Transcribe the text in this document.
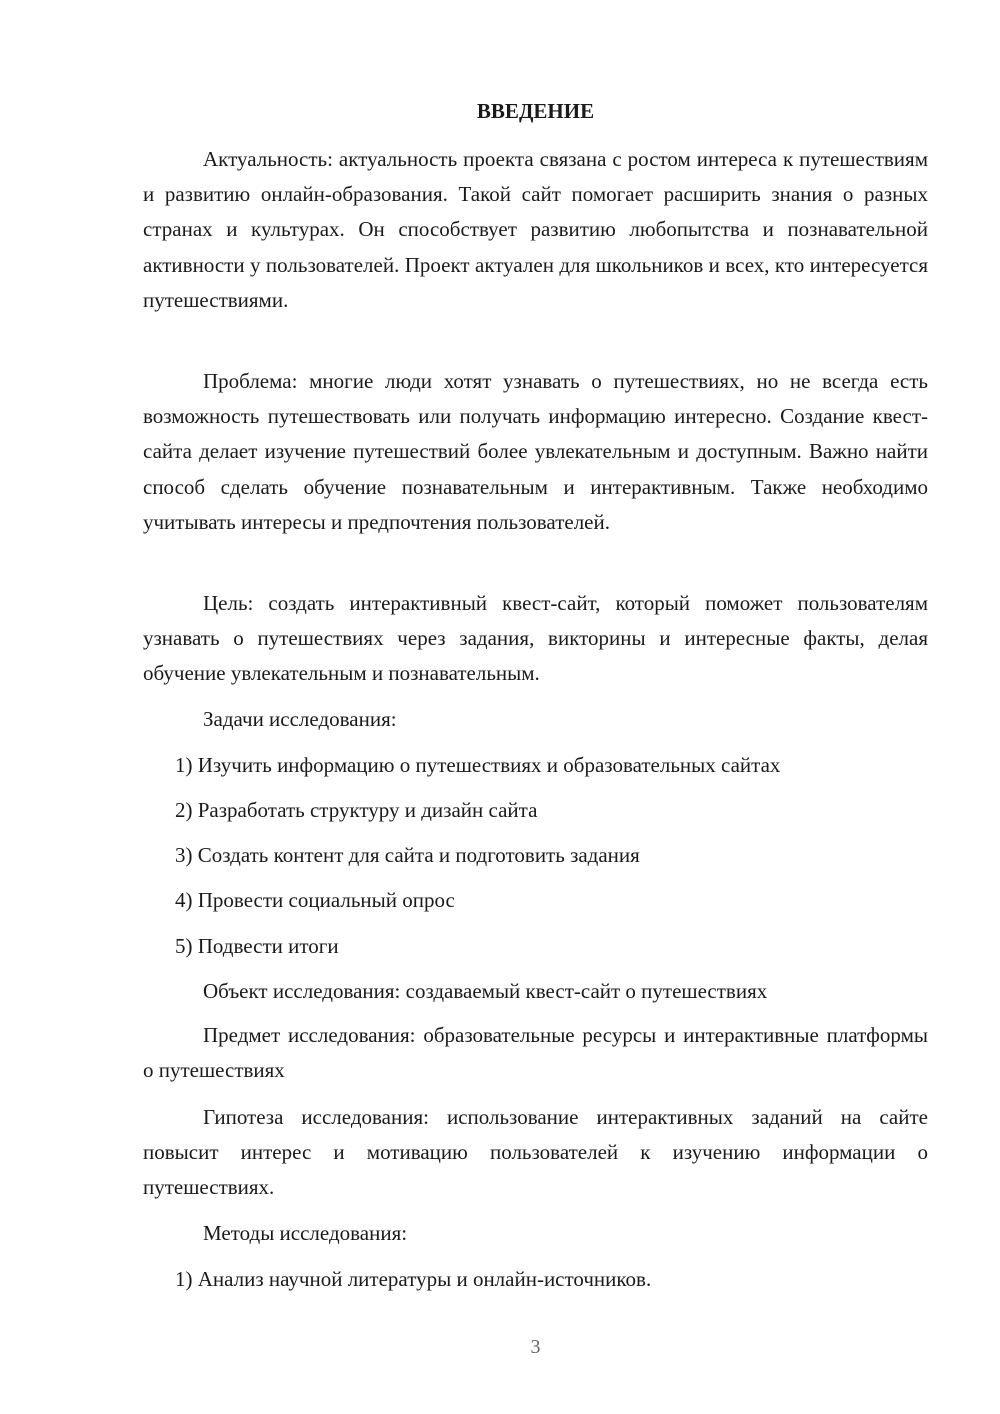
ВВЕДЕНИЕ

Актуальность: актуальность проекта связана с ростом интереса к путешествиям и развитию онлайн-образования. Такой сайт помогает расширить знания о разных странах и культурах. Он способствует развитию любопытства и познавательной активности у пользователей. Проект актуален для школьников и всех, кто интересуется путешествиями.

Проблема: многие люди хотят узнавать о путешествиях, но не всегда есть возможность путешествовать или получать информацию интересно. Создание квест-сайта делает изучение путешествий более увлекательным и доступным. Важно найти способ сделать обучение познавательным и интерактивным. Также необходимо учитывать интересы и предпочтения пользователей.

Цель: создать интерактивный квест-сайт, который поможет пользователям узнавать о путешествиях через задания, викторины и интересные факты, делая обучение увлекательным и познавательным.

Задачи исследования:

1) Изучить информацию о путешествиях и образовательных сайтах

2) Разработать структуру и дизайн сайта

3) Создать контент для сайта и подготовить задания

4) Провести социальный опрос

5) Подвести итоги

Объект исследования: создаваемый квест-сайт о путешествиях

Предмет исследования: образовательные ресурсы и интерактивные платформы о путешествиях

Гипотеза исследования: использование интерактивных заданий на сайте повысит интерес и мотивацию пользователей к изучению информации о путешествиях.

Методы исследования:

1) Анализ научной литературы и онлайн-источников.

3
